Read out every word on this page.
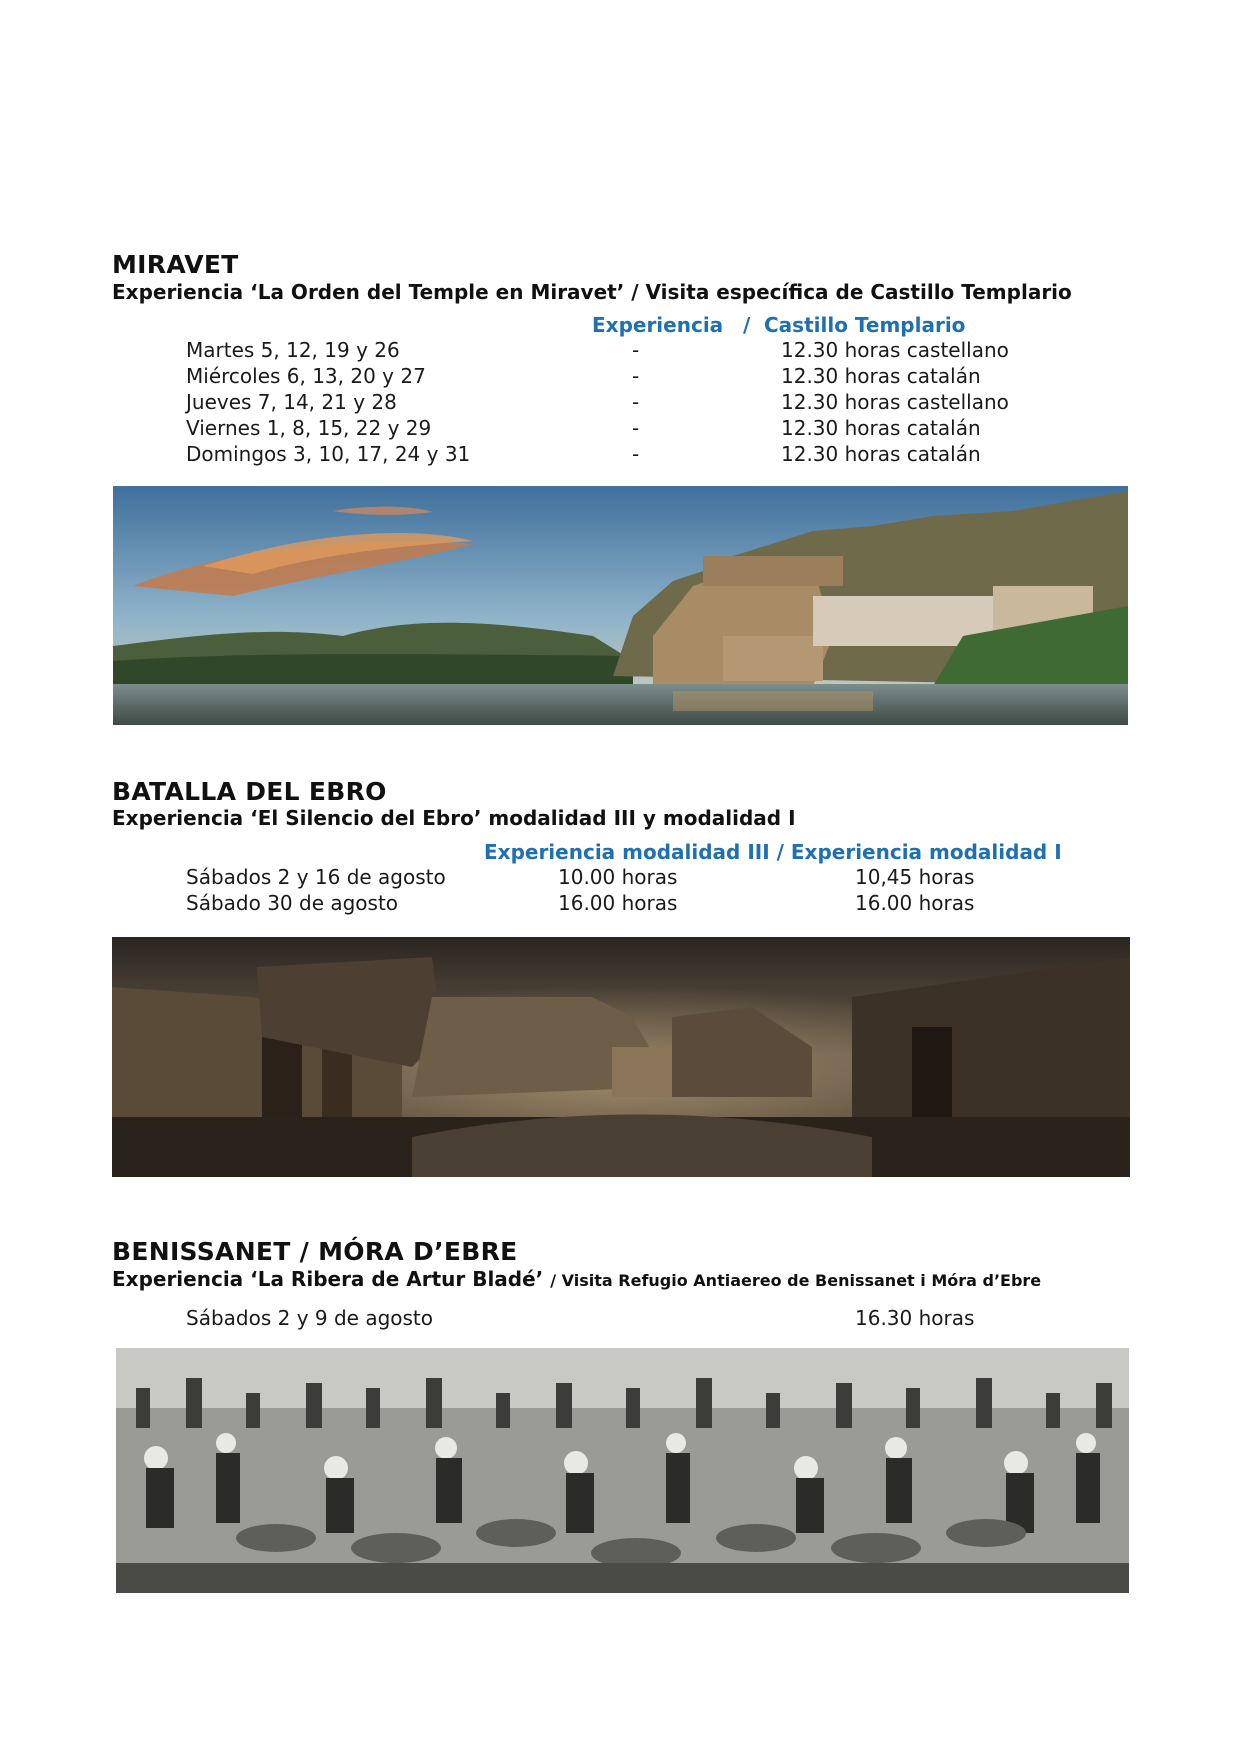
MIRAVET
Experiencia ‘La Orden del Temple en Miravet’ / Visita específica de Castillo Templario
Experiencia / Castillo Templario
Martes 5, 12, 19 y 26	-	12.30 horas castellano
Miércoles 6, 13, 20 y 27	-	12.30 horas catalán
Jueves 7, 14, 21 y 28	-	12.30 horas castellano
Viernes 1, 8, 15, 22 y 29	-	12.30 horas catalán
Domingos 3, 10, 17, 24 y 31	-	12.30 horas catalán
BATALLA DEL EBRO
Experiencia ‘El Silencio del Ebro’ modalidad III y modalidad I
Experiencia modalidad III / Experiencia modalidad I
Sábados 2 y 16 de agosto	10.00 horas	10,45 horas
Sábado 30 de agosto	16.00 horas	16.00 horas
BENISSANET / MÓRA D’EBRE
Experiencia ‘La Ribera de Artur Bladé’ / Visita Refugio Antiaereo de Benissanet i Móra d’Ebre
Sábados 2 y 9 de agosto	16.30 horas
